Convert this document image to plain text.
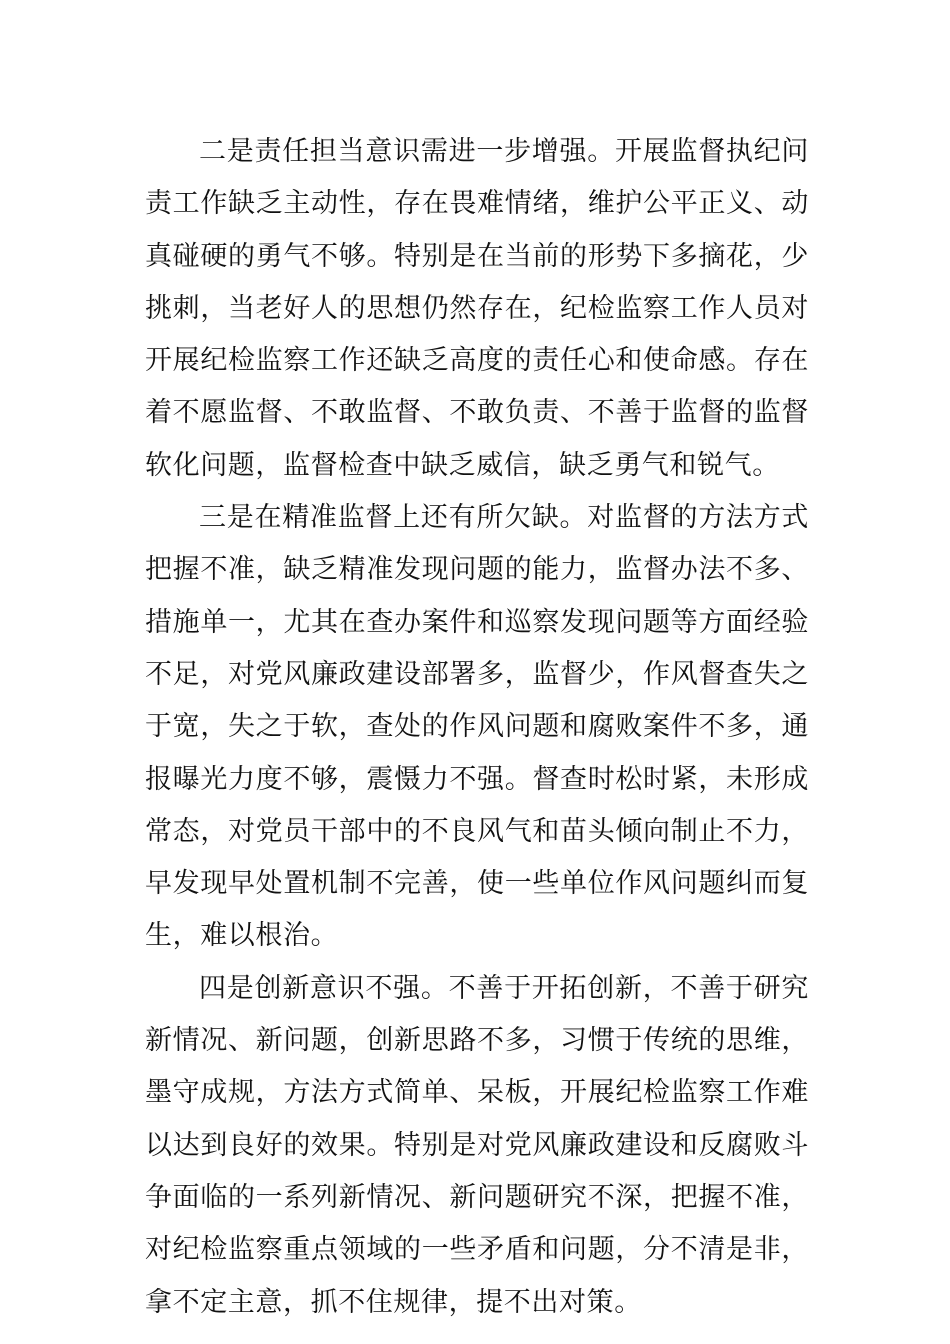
二是责任担当意识需进一步增强。开展监督执纪问责工作缺乏主动性，存在畏难情绪，维护公平正义、动真碰硬的勇气不够。特别是在当前的形势下多摘花，少挑刺，当老好人的思想仍然存在，纪检监察工作人员对开展纪检监察工作还缺乏高度的责任心和使命感。存在着不愿监督、不敢监督、不敢负责、不善于监督的监督软化问题，监督检查中缺乏威信，缺乏勇气和锐气。

三是在精准监督上还有所欠缺。对监督的方法方式把握不准，缺乏精准发现问题的能力，监督办法不多、措施单一，尤其在查办案件和巡察发现问题等方面经验不足，对党风廉政建设部署多，监督少，作风督查失之于宽，失之于软，查处的作风问题和腐败案件不多，通报曝光力度不够，震慑力不强。督查时松时紧，未形成常态，对党员干部中的不良风气和苗头倾向制止不力，早发现早处置机制不完善，使一些单位作风问题纠而复生，难以根治。

四是创新意识不强。不善于开拓创新，不善于研究新情况、新问题，创新思路不多，习惯于传统的思维，墨守成规，方法方式简单、呆板，开展纪检监察工作难以达到良好的效果。特别是对党风廉政建设和反腐败斗争面临的一系列新情况、新问题研究不深，把握不准，对纪检监察重点领域的一些矛盾和问题，分不清是非，拿不定主意，抓不住规律，提不出对策。
